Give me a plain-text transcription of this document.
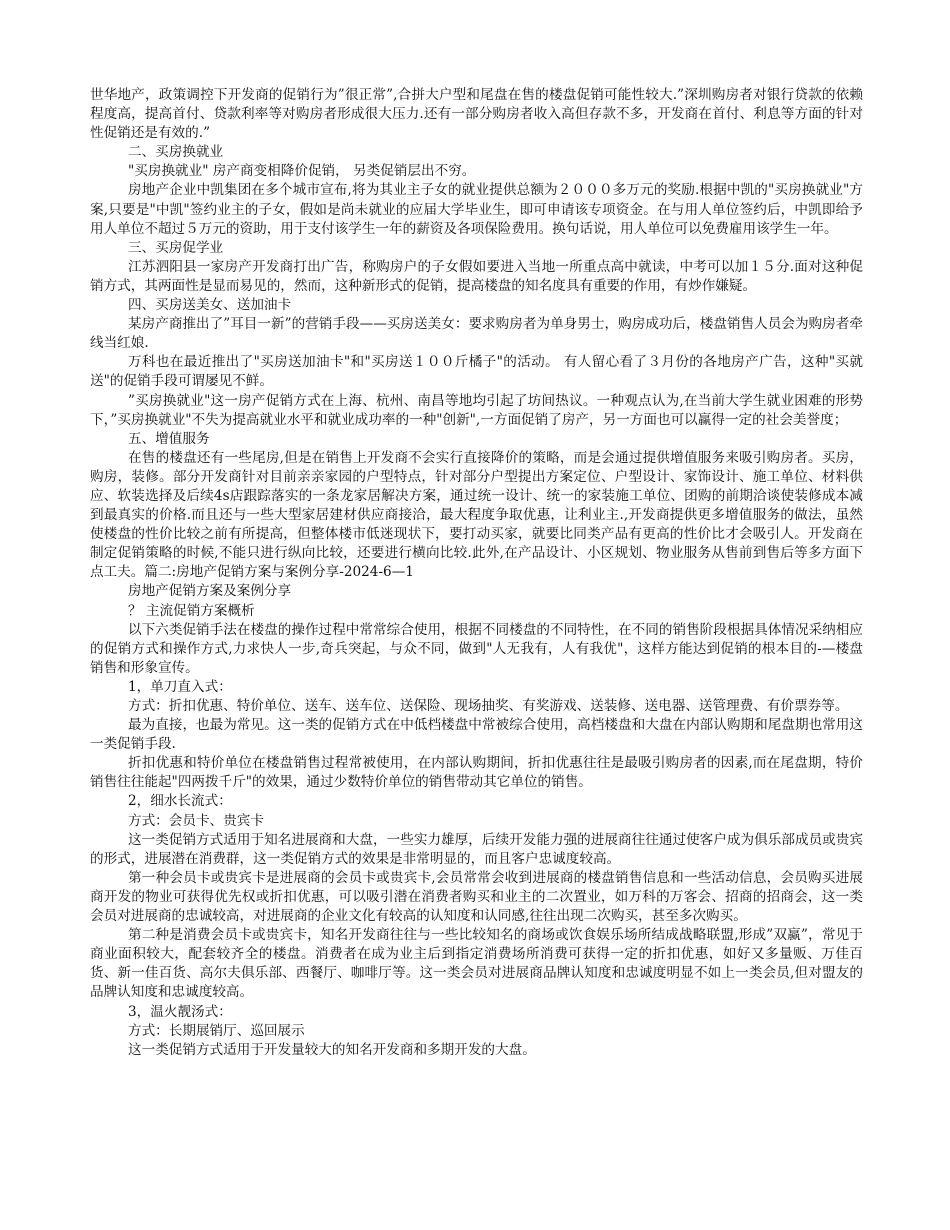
世华地产，政策调控下开发商的促销行为”很正常”,合拼大户型和尾盘在售的楼盘促销可能性较大.”深圳购房者对银行贷款的依赖程度高，提高首付、贷款利率等对购房者形成很大压力.还有一部分购房者收入高但存款不多，开发商在首付、利息等方面的针对性促销还是有效的.”

二、买房换就业

"买房换就业" 房产商变相降价促销， 另类促销层出不穷。

房地产企业中凯集团在多个城市宣布,将为其业主子女的就业提供总额为２０００多万元的奖励.根据中凯的"买房换就业"方案,只要是"中凯"签约业主的子女，假如是尚未就业的应届大学毕业生，即可申请该专项资金。在与用人单位签约后，中凯即给予用人单位不超过５万元的资助，用于支付该学生一年的薪资及各项保险费用。换句话说，用人单位可以免费雇用该学生一年。

三、买房促学业

江苏泗阳县一家房产开发商打出广告，称购房户的子女假如要进入当地一所重点高中就读，中考可以加１５分.面对这种促销方式，其两面性是显而易见的，然而，这种新形式的促销，提高楼盘的知名度具有重要的作用，有炒作嫌疑。

四、买房送美女、送加油卡

某房产商推出了”耳目一新”的营销手段——买房送美女：要求购房者为单身男士，购房成功后，楼盘销售人员会为购房者牵线当红娘.

万科也在最近推出了"买房送加油卡"和"买房送１００斤橘子"的活动。 有人留心看了３月份的各地房产广告，这种"买就送"的促销手段可谓屡见不鲜。

”买房换就业"这一房产促销方式在上海、杭州、南昌等地均引起了坊间热议。一种观点认为,在当前大学生就业困难的形势下，”买房换就业"不失为提高就业水平和就业成功率的一种"创新",一方面促销了房产，另一方面也可以赢得一定的社会美誉度；

五、增值服务

在售的楼盘还有一些尾房,但是在销售上开发商不会实行直接降价的策略，而是会通过提供增值服务来吸引购房者。买房，购房，装修。部分开发商针对目前亲亲家园的户型特点，针对部分户型提出方案定位、户型设计、家饰设计、施工单位、材料供应、软装选择及后续4s店跟踪落实的一条龙家居解决方案，通过统一设计、统一的家装施工单位、团购的前期洽谈使装修成本减到最真实的价格.而且还与一些大型家居建材供应商接洽，最大程度争取优惠，让利业主.,开发商提供更多增值服务的做法，虽然使楼盘的性价比较之前有所提高，但整体楼市低迷现状下，要打动买家，就要比同类产品有更高的性价比才会吸引人。开发商在制定促销策略的时候,不能只进行纵向比较，还要进行横向比较.此外,在产品设计、小区规划、物业服务从售前到售后等多方面下点工夫。篇二:房地产促销方案与案例分享-2024-6—1

房地产促销方案及案例分享

？ 主流促销方案概析

以下六类促销手法在楼盘的操作过程中常常综合使用，根据不同楼盘的不同特性，在不同的销售阶段根据具体情况采纳相应的促销方式和操作方式,力求快人一步,奇兵突起，与众不同，做到"人无我有，人有我优"，这样方能达到促销的根本目的-—楼盘销售和形象宣传。

1，单刀直入式：

方式：折扣优惠、特价单位、送车、送车位、送保险、现场抽奖、有奖游戏、送装修、送电器、送管理费、有价票券等。

最为直接，也最为常见。这一类的促销方式在中低档楼盘中常被综合使用，高档楼盘和大盘在内部认购期和尾盘期也常用这一类促销手段.

折扣优惠和特价单位在楼盘销售过程常被使用，在内部认购期间，折扣优惠往往是最吸引购房者的因素,而在尾盘期，特价销售往往能起"四两拨千斤"的效果，通过少数特价单位的销售带动其它单位的销售。

2，细水长流式：

方式：会员卡、贵宾卡

这一类促销方式适用于知名进展商和大盘，一些实力雄厚，后续开发能力强的进展商往往通过使客户成为俱乐部成员或贵宾的形式，进展潜在消费群，这一类促销方式的效果是非常明显的，而且客户忠诚度较高。

第一种会员卡或贵宾卡是进展商的会员卡或贵宾卡,会员常常会收到进展商的楼盘销售信息和一些活动信息，会员购买进展商开发的物业可获得优先权或折扣优惠，可以吸引潜在消费者购买和业主的二次置业，如万科的万客会、招商的招商会，这一类会员对进展商的忠诚较高，对进展商的企业文化有较高的认知度和认同感,往往出现二次购买，甚至多次购买。

第二种是消费会员卡或贵宾卡，知名开发商往往与一些比较知名的商场或饮食娱乐场所结成战略联盟,形成”双赢”，常见于商业面积较大，配套较齐全的楼盘。消费者在成为业主后到指定消费场所消费可获得一定的折扣优惠，如好又多量贩、万佳百货、新一佳百货、高尔夫俱乐部、西餐厅、咖啡厅等。这一类会员对进展商品牌认知度和忠诚度明显不如上一类会员,但对盟友的品牌认知度和忠诚度较高。

3，温火靓汤式：

方式：长期展销厅、巡回展示

这一类促销方式适用于开发量较大的知名开发商和多期开发的大盘。
